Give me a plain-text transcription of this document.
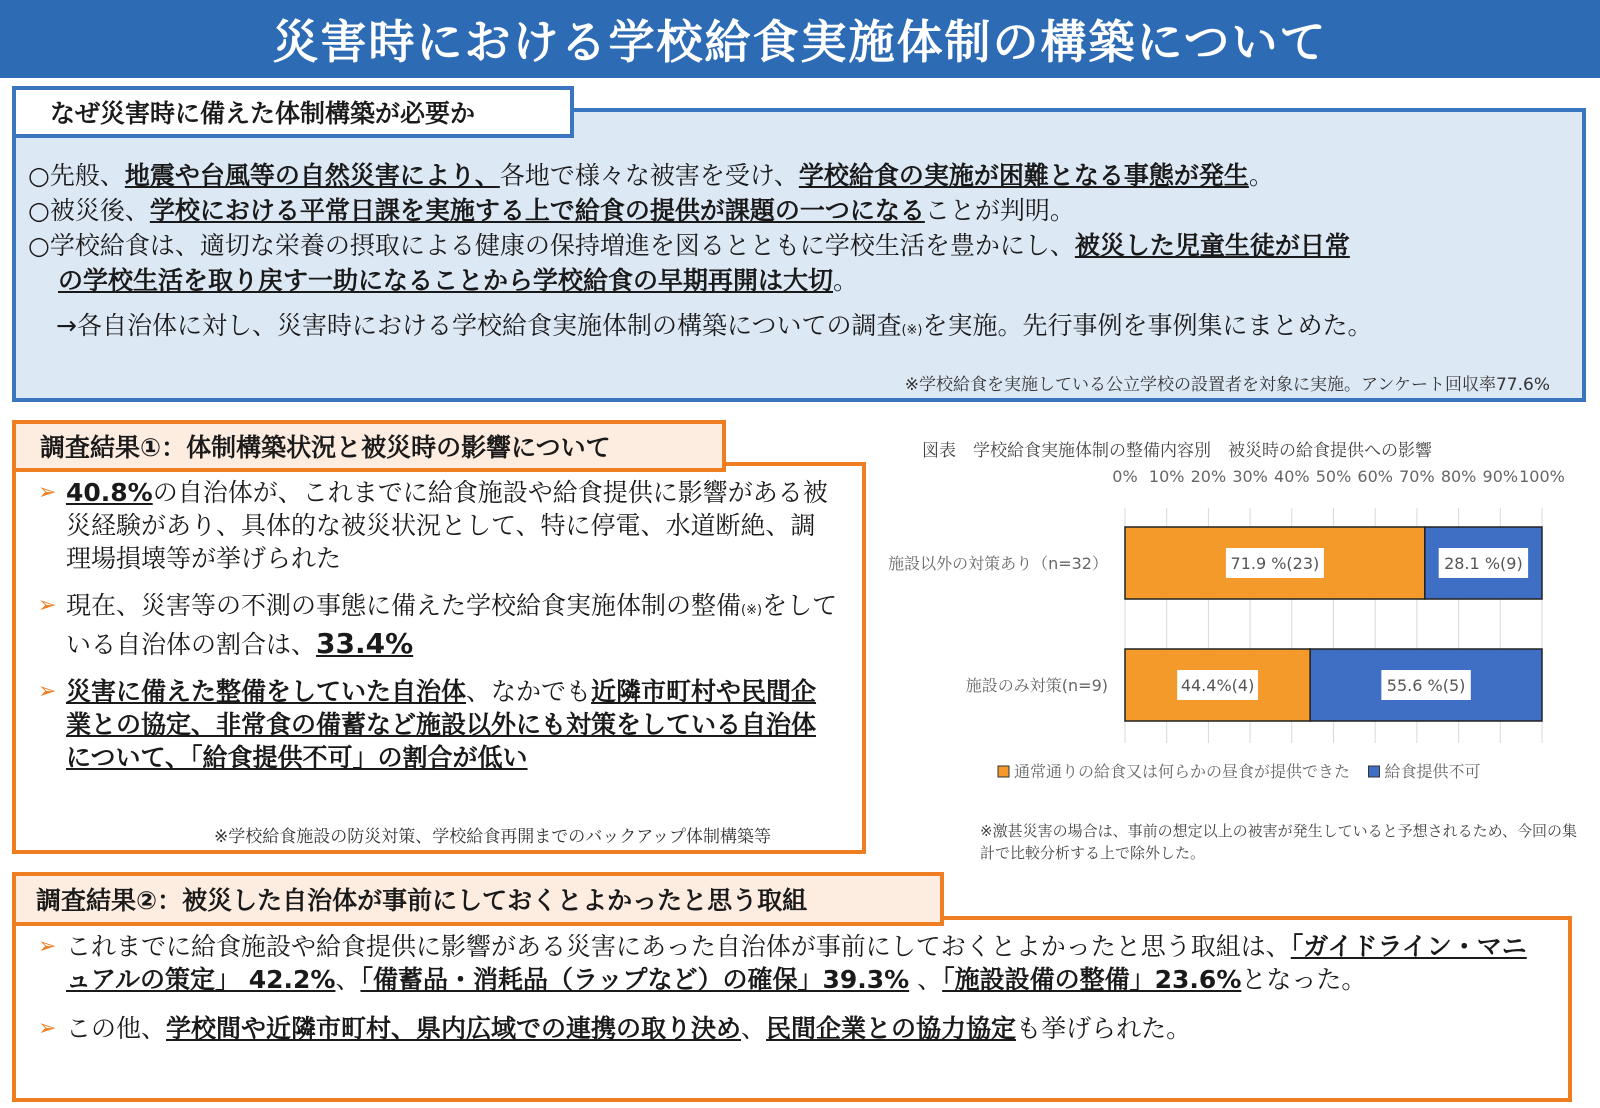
災害時における学校給食実施体制の構築について
なぜ災害時に備えた体制構築が必要か

○先般、地震や台風等の自然災害により、各地で様々な被害を受け、学校給食の実施が困難となる事態が発生。

○被災後、学校における平常日課を実施する上で給食の提供が課題の一つになることが判明。

○学校給食は、適切な栄養の摂取による健康の保持増進を図るとともに学校生活を豊かにし、被災した児童生徒が日常

の学校生活を取り戻す一助になることから学校給食の早期再開は大切。

→各自治体に対し、災害時における学校給食実施体制の構築についての調査(※)を実施。先行事例を事例集にまとめた。

※学校給食を実施している公立学校の設置者を対象に実施。アンケート回収率77.6%
調査結果①：体制構築状況と被災時の影響について
➢ 40.8%の自治体が、これまでに給食施設や給食提供に影響がある被災経験があり、具体的な被災状況として、特に停電、水道断絶、調理場損壊等が挙げられた
➢ 現在、災害等の不測の事態に備えた学校給食実施体制の整備(※)をしている自治体の割合は、33.4%
➢ 災害に備えた整備をしていた自治体、なかでも近隣市町村や民間企業との協定、非常食の備蓄など施設以外にも対策をしている自治体について、「給食提供不可」の割合が低い
※学校給食施設の防災対策、学校給食再開までのバックアップ体制構築等
図表　学校給食実施体制の整備内容別　被災時の給食提供への影響
0% 10% 20% 30% 40% 50% 60% 70% 80% 90% 100%
施設以外の対策あり（n=32）	71.9 %(23)	28.1 %(9)
施設のみ対策(n=9)	44.4%(4)	55.6 %(5)
通常通りの給食又は何らかの昼食が提供できた 給食提供不可
※激甚災害の場合は、事前の想定以上の被害が発生していると予想されるため、今回の集計で比較分析する上で除外した。
調査結果②：被災した自治体が事前にしておくとよかったと思う取組
➢ これまでに給食施設や給食提供に影響がある災害にあった自治体が事前にしておくとよかったと思う取組は、「ガイドライン・マニュアルの策定」 42.2%、「備蓄品・消耗品（ラップなど）の確保」39.3% 、「施設設備の整備」23.6%となった。
➢ この他、学校間や近隣市町村、県内広域での連携の取り決め、民間企業との協力協定も挙げられた。
